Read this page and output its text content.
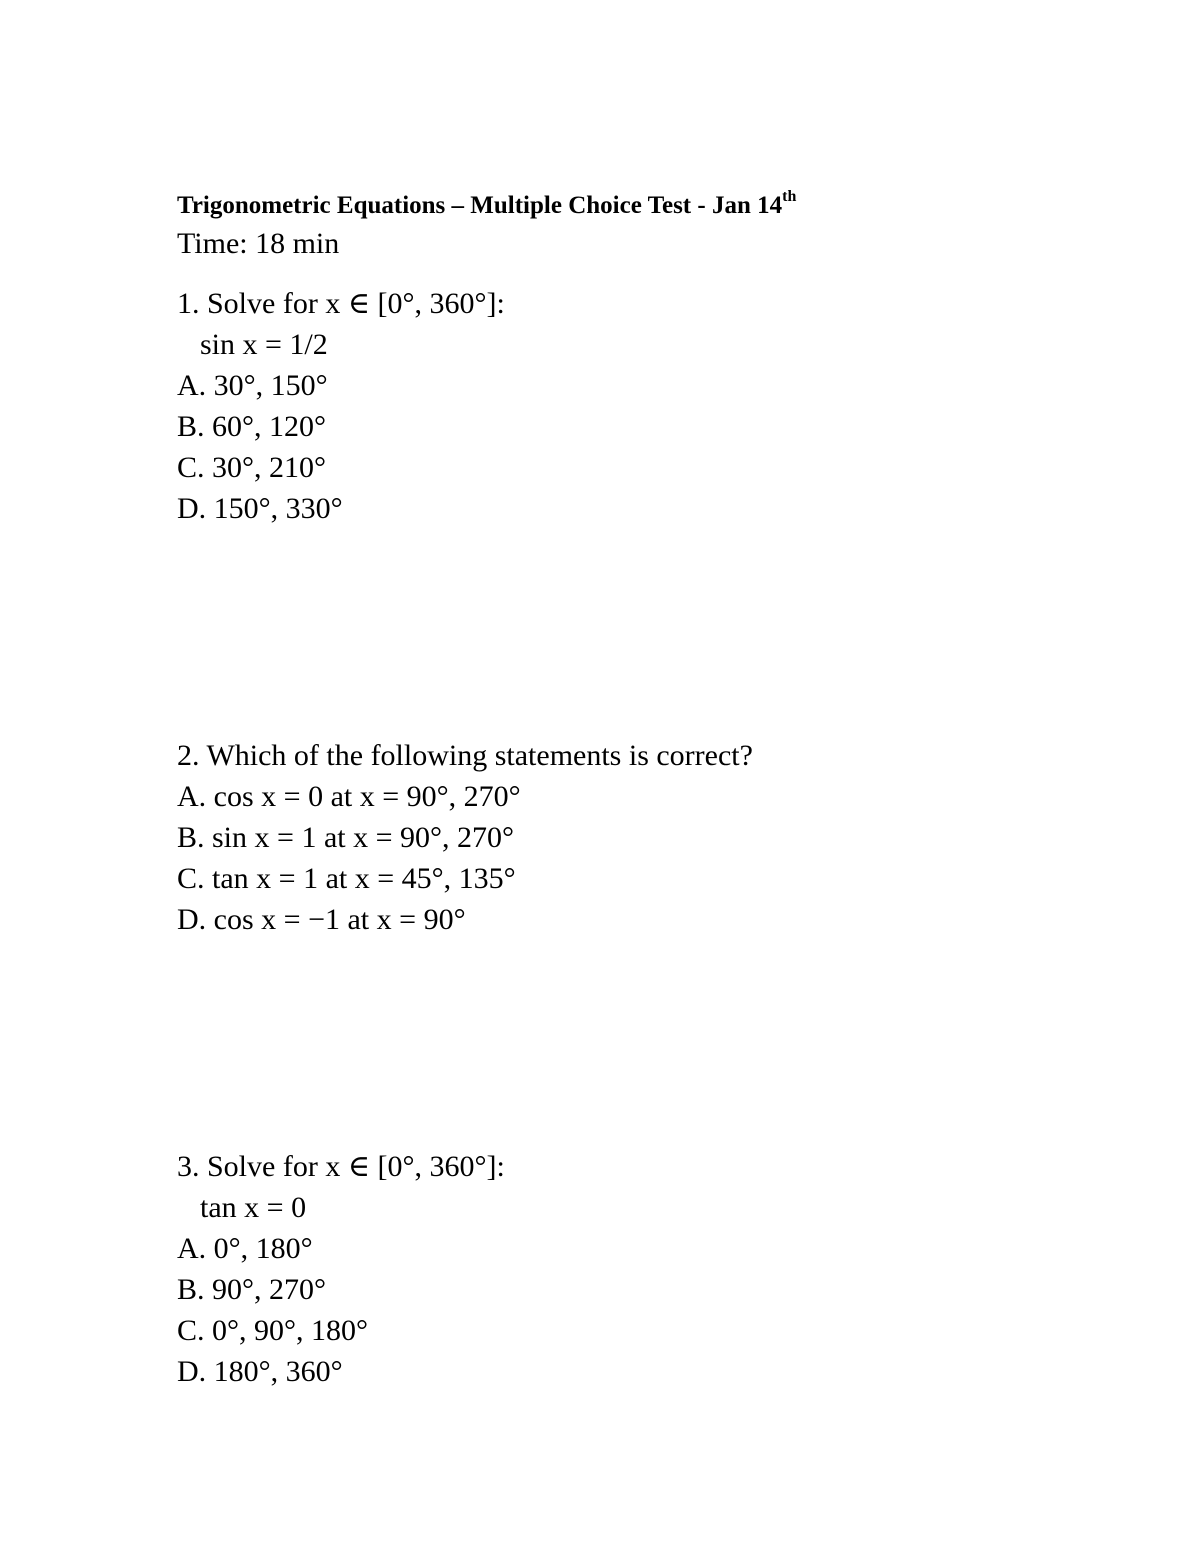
Trigonometric Equations – Multiple Choice Test - Jan 14th
Time: 18 min
1. Solve for x ∈ [0°, 360°]:
sin x = 1/2
A. 30°, 150°
B. 60°, 120°
C. 30°, 210°
D. 150°, 330°
2. Which of the following statements is correct?
A. cos x = 0 at x = 90°, 270°
B. sin x = 1 at x = 90°, 270°
C. tan x = 1 at x = 45°, 135°
D. cos x = −1 at x = 90°
3. Solve for x ∈ [0°, 360°]:
tan x = 0
A. 0°, 180°
B. 90°, 270°
C. 0°, 90°, 180°
D. 180°, 360°
